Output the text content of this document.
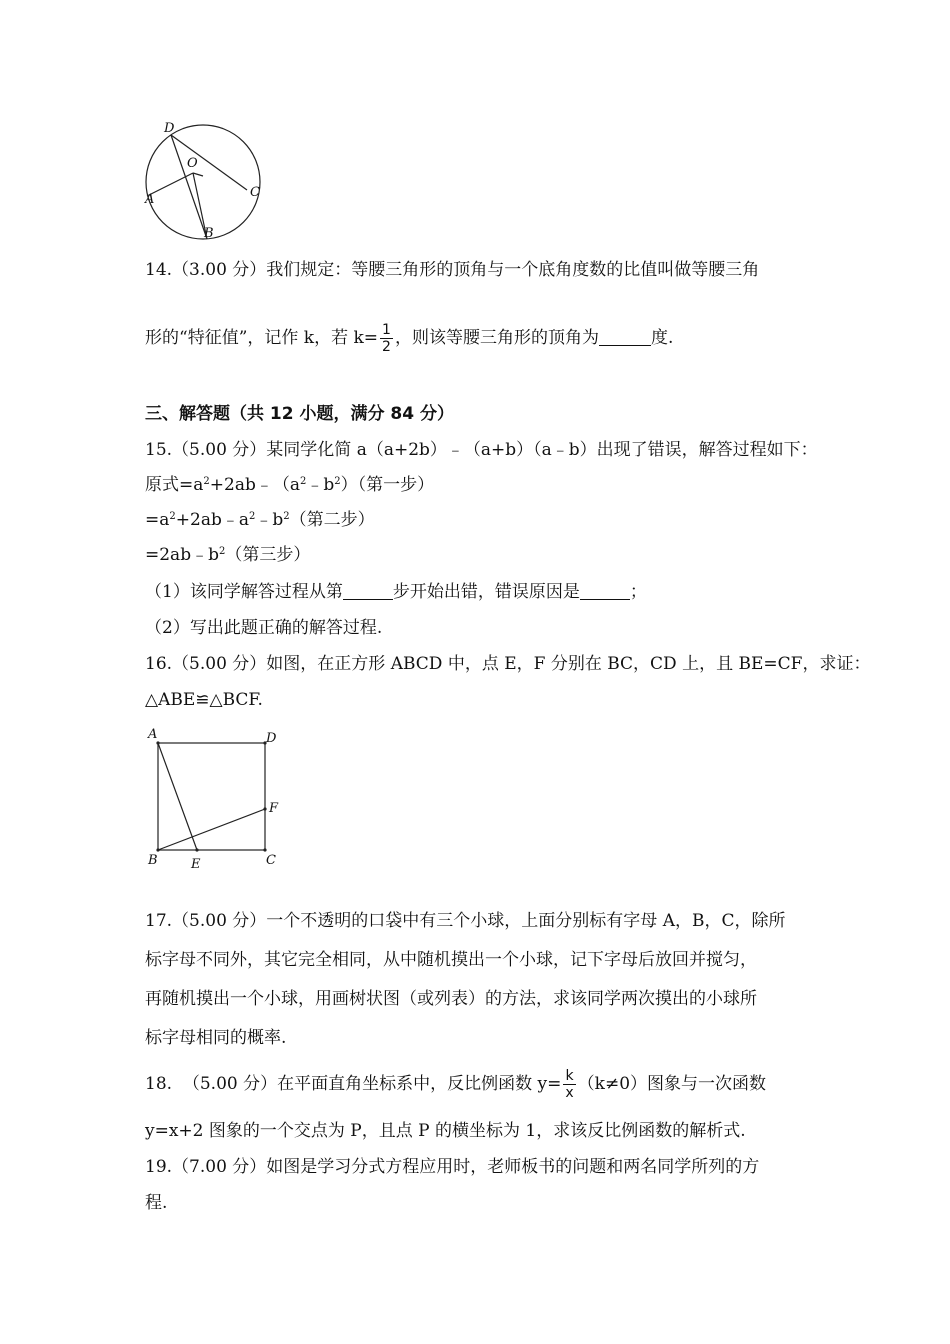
D
O
A	C
B
14.（3.00 分）我们规定：等腰三角形的顶角与一个底角度数的比值叫做等腰三角
形的“特征值”，记作 k，若 $k= \frac{1}{2}$ ，则该等腰三角形的顶角为	度.
三、解答题（共 12 小题，满分 84 分）
15.（5.00 分）某同学化简 a（a+2b）﹣（a+b）（a﹣b）出现了错误，解答过程如下：
原式$=a^2+2ab﹣(a^2﹣b^2)$（第一步）
$=a^2+2ab﹣a^2﹣b^2$（第二步）
$=2ab﹣b^2$（第三步）
（1）该同学解答过程从第	步开始出错，错误原因是	；
（2）写出此题正确的解答过程.
16.（5.00 分）如图，在正方形 ABCD 中，点 E，F 分别在 BC，CD 上，且 BE=CF，求证：
△ABE≌△BCF.
A	D
F
B	E	C
17.（5.00 分）一个不透明的口袋中有三个小球，上面分别标有字母 A，B，C，除所
标字母不同外，其它完全相同，从中随机摸出一个小球，记下字母后放回并搅匀，
再随机摸出一个小球，用画树状图（或列表）的方法，求该同学两次摸出的小球所
标字母相同的概率.
18.  （5.00 分）在平面直角坐标系中，反比例函数 $y= \frac{k}{x} (k\ne 0)$图象与一次函数
y=x+2 图象的一个交点为 P，且点 P 的横坐标为 1，求该反比例函数的解析式.
19.（7.00 分）如图是学习分式方程应用时，老师板书的问题和两名同学所列的方
程.
